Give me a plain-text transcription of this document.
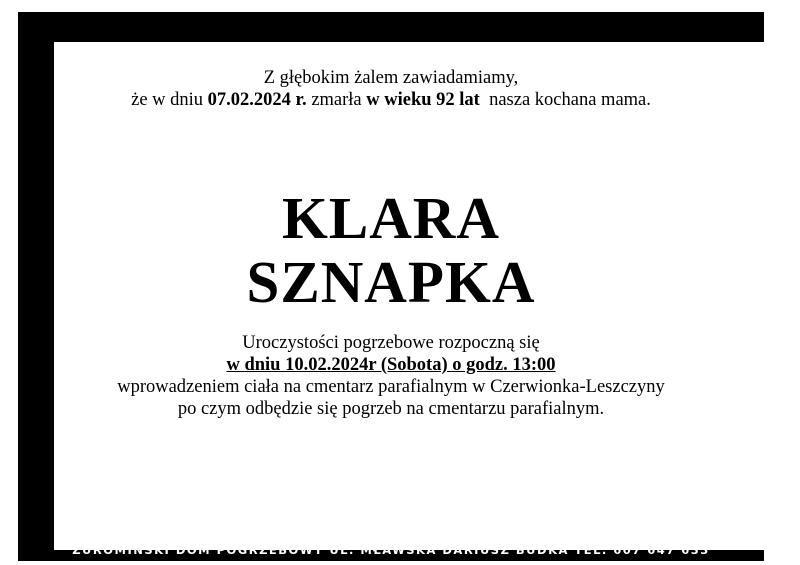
Z głębokim żalem zawiadamiamy,
że w dniu 07.02.2024 r. zmarła w wieku 92 lat  nasza kochana mama.
KLARA
SZNAPKA
Uroczystości pogrzebowe rozpoczną się
w dniu 10.02.2024r (Sobota) o godz. 13:00
wprowadzeniem ciała na cmentarz parafialnym w Czerwionka-Leszczyny
po czym odbędzie się pogrzeb na cmentarzu parafialnym.
ŻUROMIŃSKI DOM POGRZEBOWY UL. MŁAWSKA DARIUSZ BUDKA TEL. 607 647 633
